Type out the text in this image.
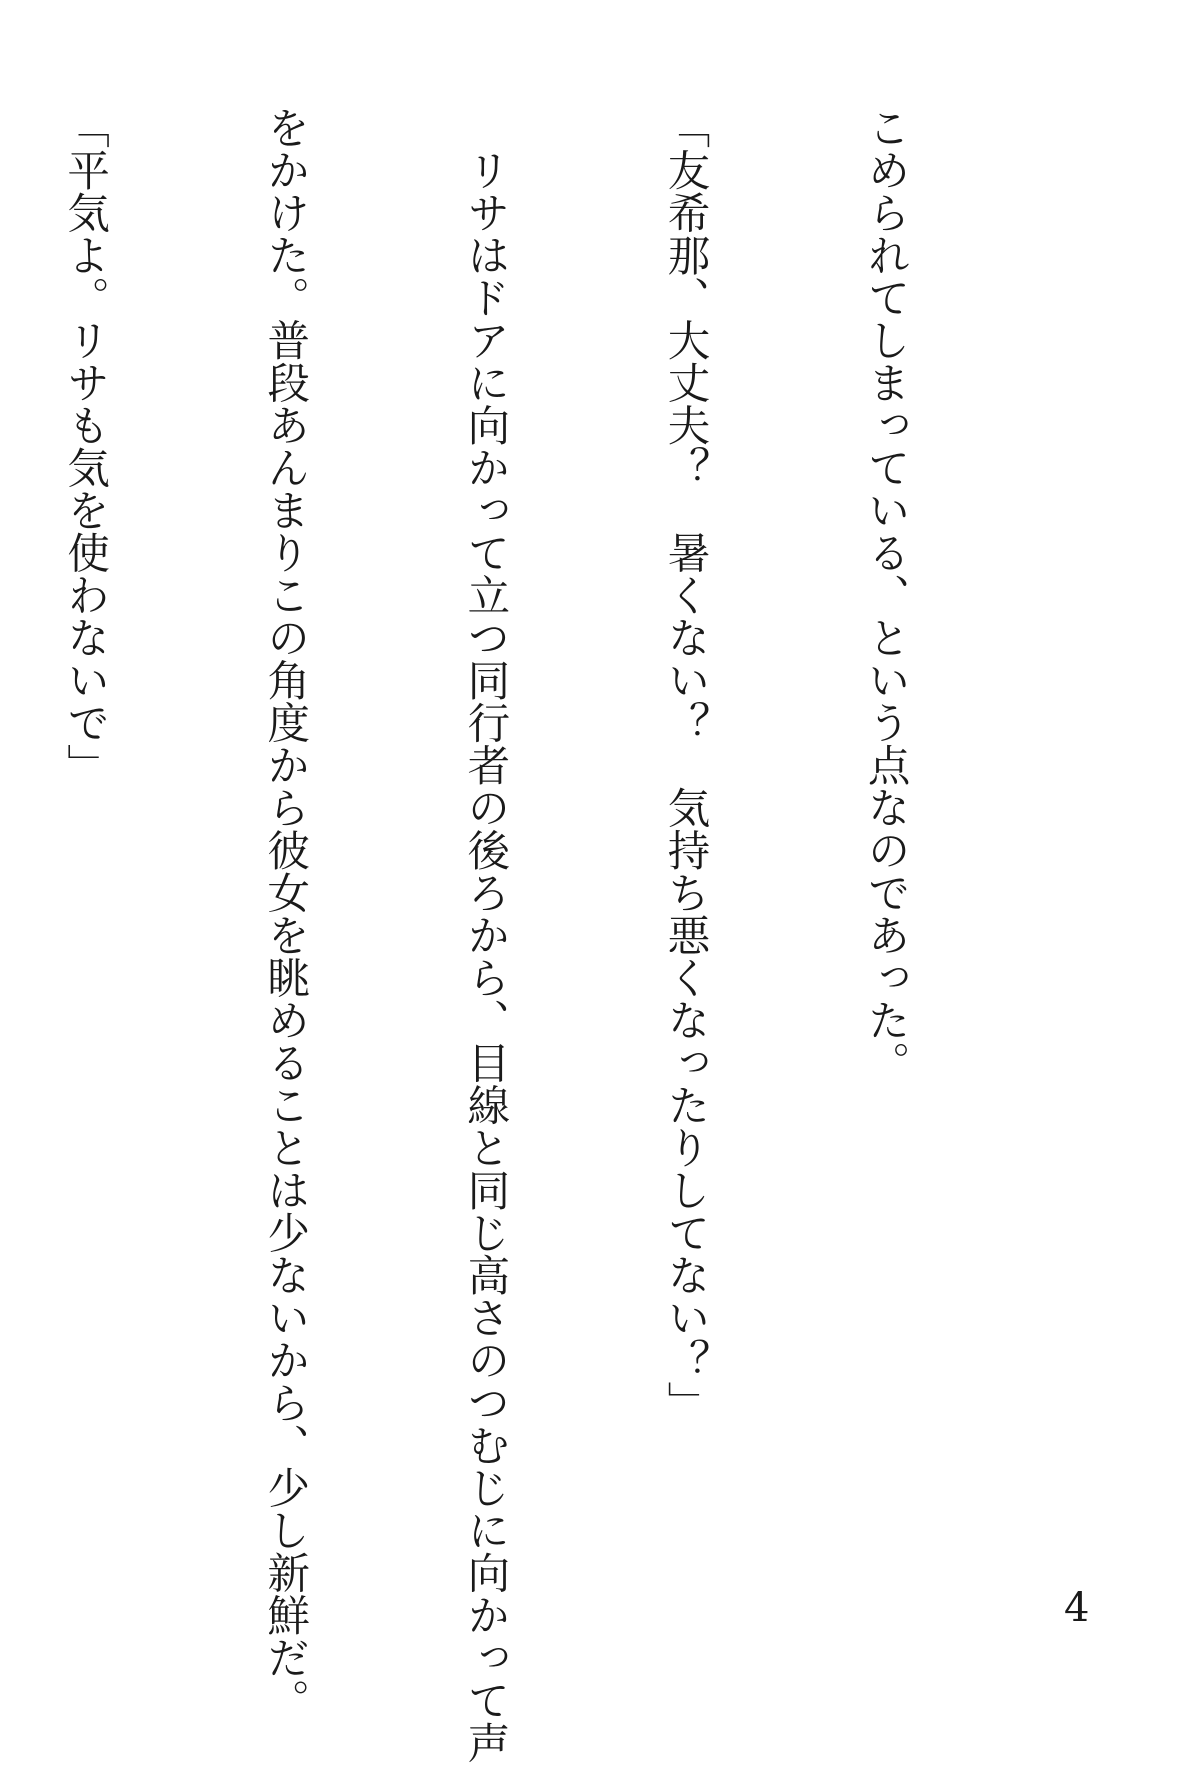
こめられてしまっている、という点なのであった。

「友希那、大丈夫？　暑くない？　気持ち悪くなったりしてない？」

　リサはドアに向かって立つ同行者の後ろから、目線と同じ高さのつむじに向かって声

をかけた。普段あんまりこの角度から彼女を眺めることは少ないから、少し新鮮だ。

「平気よ。リサも気を使わないで」

4
